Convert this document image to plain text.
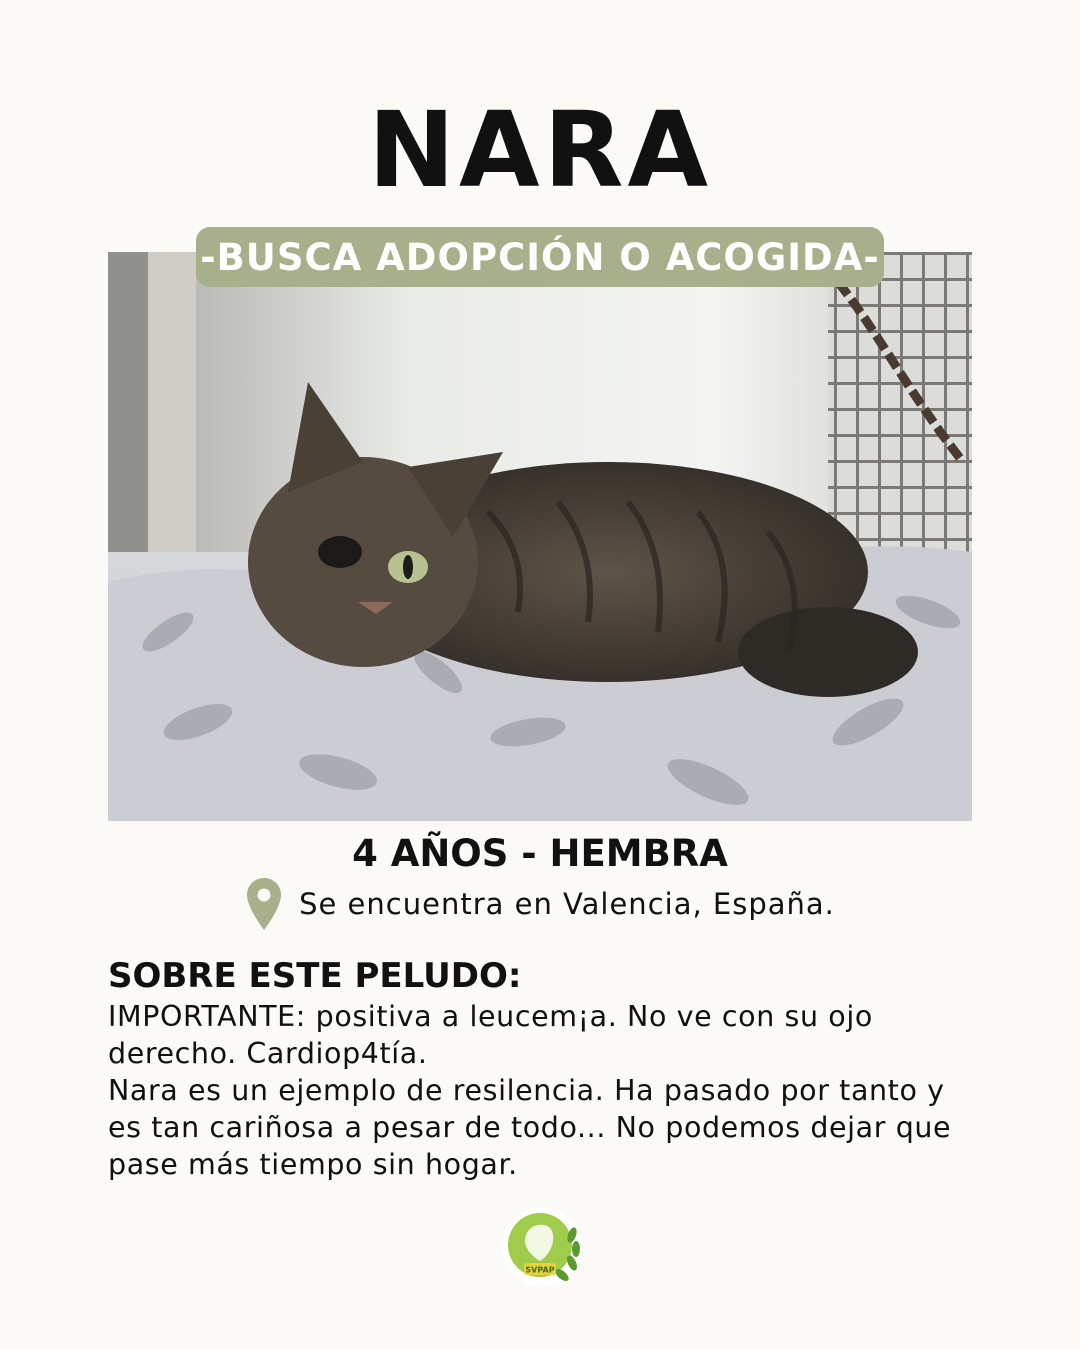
NARA
-BUSCA ADOPCIÓN O ACOGIDA-
4 AÑOS - HEMBRA
Se encuentra en Valencia, España.
SOBRE ESTE PELUDO:

IMPORTANTE: positiva a leucem¡a. No ve con su ojo derecho. Cardiop4tía.

Nara es un ejemplo de resilencia. Ha pasado por tanto y es tan cariñosa a pesar de todo... No podemos dejar que pase más tiempo sin hogar.

SVPAP
